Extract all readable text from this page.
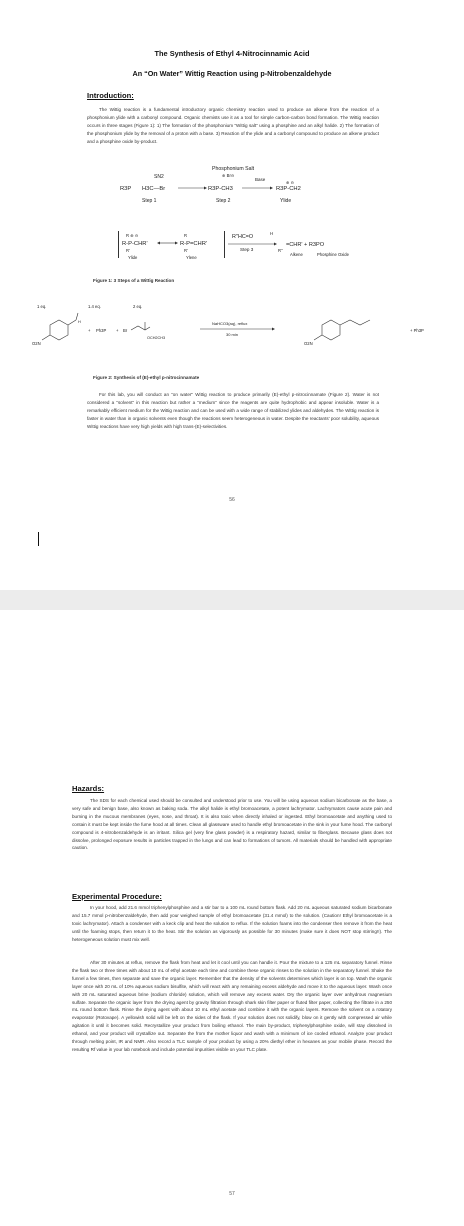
The Synthesis of Ethyl 4-Nitrocinnamic Acid
An “On Water” Wittig Reaction using p-Nitrobenzaldehyde
Introduction:
The Wittig reaction is a fundamental introductory organic chemistry reaction used to produce an alkene from the reaction of a phosphonium ylide with a carbonyl compound. Organic chemists use it as a tool for simple carbon-carbon bond formation. The Wittig reaction occurs in three stages (Figure 1): 1) The formation of the phosphonium “Wittig salt” using a phosphine and an alkyl halide. 2) The formation of the phosphonium ylide by the removal of a proton with a base. 3) Reaction of the ylide and a carbonyl compound to produce an alkene product and a phosphine oxide by-product.
Phosphonium Salt
SN2	Base
⊕ Br⊖
⊕ ⊖
R3P H3C—Br	R3P-CH3	R3P-CH2
Step 1	Step 2	Ylide
R ⊕ ⊖
R-P-CHR'
R'
Ylide
R
R-P=CHR'
R'
Ylene
R''HC=O
H
Step 3	R''
=CHR' + R3PO
Alkene	Phosphine Oxide
Figure 1: 3 Steps of a Wittig Reaction
1 eq.	1.4 eq.	2 eq.
H
O2N
+ Ph3P + Br
OCH2CH3
NaHCO3(aq), reflux
30 min
O2N
+ Ph3P
Figure 2: Synthesis of (E)-ethyl p-nitrocinnamate
For this lab, you will conduct an “on water” Wittig reaction to produce primarily (E)-ethyl p-nitrocinnamate (Figure 2). Water is not considered a “solvent” in this reaction but rather a “medium” since the reagents are quite hydrophobic and appear insoluble. Water is a remarkably efficient medium for the Wittig reaction and can be used with a wide range of stabilized ylides and aldehydes. The Wittig reaction is faster in water than in organic solvents even though the reactions seem heterogeneous in water. Despite the reactants’ poor solubility, aqueous Wittig reactions have very high yields with high trans-(E)-selectivities.
56
Hazards:
The SDS for each chemical used should be consulted and understood prior to use. You will be using aqueous sodium bicarbonate as the base, a very safe and benign base, also known as baking soda. The alkyl halide is ethyl bromoacetate, a potent lachrymator. Lachrymators cause acute pain and burning in the mucous membranes (eyes, nose, and throat). It is also toxic when directly inhaled or ingested. Ethyl bromoacetate and anything used to contain it must be kept inside the fume hood at all times. Clean all glassware used to handle ethyl bromoacetate in the sink in your fume hood. The carbonyl compound is 4-nitrobenzaldehyde is an irritant. Silica gel (very fine glass powder) is a respiratory hazard, similar to fiberglass. Because glass does not dissolve, prolonged exposure results in particles trapped in the lungs and can lead to formations of tumors. All materials should be handled with appropriate caution.
Experimental Procedure:
In your hood, add 21.6 mmol triphenylphosphine and a stir bar to a 100 mL round bottom flask. Add 20 mL aqueous saturated sodium bicarbonate and 15.7 mmol p-nitrobenzaldehyde, then add your weighed sample of ethyl bromoacetate (31.4 mmol) to the solution. (Caution! Ethyl bromoacetate is a toxic lachrymator). Attach a condenser with a keck clip and heat the solution to reflux. If the solution foams into the condenser then remove it from the heat until the foaming stops, then return it to the heat. Stir the solution as vigorously as possible for 30 minutes (make sure it does NOT stop stirring!!). The heterogeneous solution must mix well.
After 30 minutes at reflux, remove the flask from heat and let it cool until you can handle it. Pour the mixture to a 125 mL separatory funnel. Rinse the flask two or three times with about 10 mL of ethyl acetate each time and combine these organic rinses to the solution in the separatory funnel. Shake the funnel a few times, then separate and save the organic layer. Remember that the density of the solvents determines which layer is on top. Wash the organic layer once with 20 mL of 10% aqueous sodium bisulfite, which will react with any remaining excess aldehyde and move it to the aqueous layer. Wash once with 20 mL saturated aqueous brine (sodium chloride) solution, which will remove any excess water. Dry the organic layer over anhydrous magnesium sulfate. Separate the organic layer from the drying agent by gravity filtration through shark skin filter paper or fluted filter paper, collecting the filtrate in a 250 mL round bottom flask. Rinse the drying agent with about 10 mL ethyl acetate and combine it with the organic layers. Remove the solvent on a rotatory evaporator (Rotovape). A yellowish solid will be left on the sides of the flask. If your solution does not solidify, blow on it gently with compressed air while agitation it until it becomes solid. Recrystallize your product from boiling ethanol. The main by-product, triphenylphosphine oxide, will stay dissolved in ethanol, and your product will crystallize out. Separate the from the mother liquor and wash with a minimum of ice cooled ethanol. Analyze your product through melting point, IR and NMR. Also record a TLC sample of your product by using a 20% diethyl ether in hexanes as your mobile phase. Record the resulting Rf value in your lab notebook and include potential impurities visible on your TLC plate.
57
